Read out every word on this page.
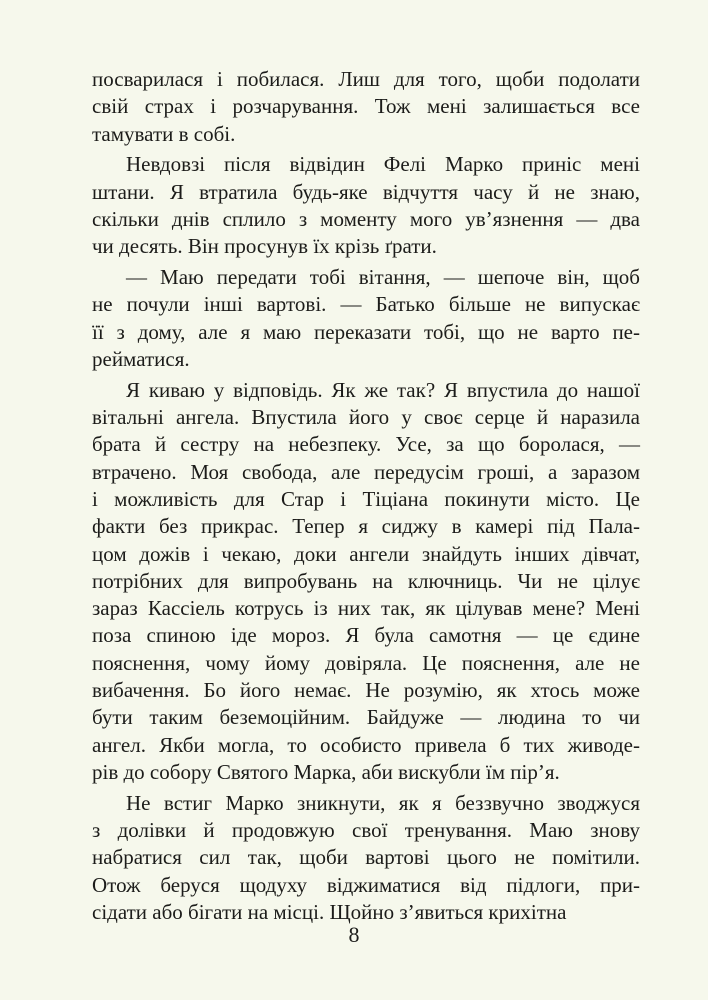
посварилася і побилася. Лиш для того, щоби подолати
свій страх і розчарування. Тож мені залишається все
тамувати в собі.
Невдовзі після відвідин Фелі Марко приніс мені
штани. Я втратила будь-яке відчуття часу й не знаю,
скільки днів сплило з моменту мого ув’язнення — два
чи десять. Він просунув їх крізь ґрати.
— Маю передати тобі вітання, — шепоче він, щоб
не почули інші вартові. — Батько більше не випускає
її з дому, але я маю переказати тобі, що не варто пе-
рейматися.
Я киваю у відповідь. Як же так? Я впустила до нашої
вітальні ангела. Впустила його у своє серце й наразила
брата й сестру на небезпеку. Усе, за що боролася, —
втрачено. Моя свобода, але передусім гроші, а заразом
і можливість для Стар і Тіціана покинути місто. Це
факти без прикрас. Тепер я сиджу в камері під Пала-
цом дожів і чекаю, доки ангели знайдуть інших дівчат,
потрібних для випробувань на ключниць. Чи не цілує
зараз Кассіель котрусь із них так, як цілував мене? Мені
поза спиною іде мороз. Я була самотня — це єдине
пояснення, чому йому довіряла. Це пояснення, але не
вибачення. Бо його немає. Не розумію, як хтось може
бути таким беземоційним. Байдуже — людина то чи
ангел. Якби могла, то особисто привела б тих живоде-
рів до собору Святого Марка, аби вискубли їм пір’я.
Не встиг Марко зникнути, як я беззвучно зводжуся
з долівки й продовжую свої тренування. Маю знову
набратися сил так, щоби вартові цього не помітили.
Отож беруся щодуху віджиматися від підлоги, при-
сідати або бігати на місці. Щойно з’явиться крихітна
8
